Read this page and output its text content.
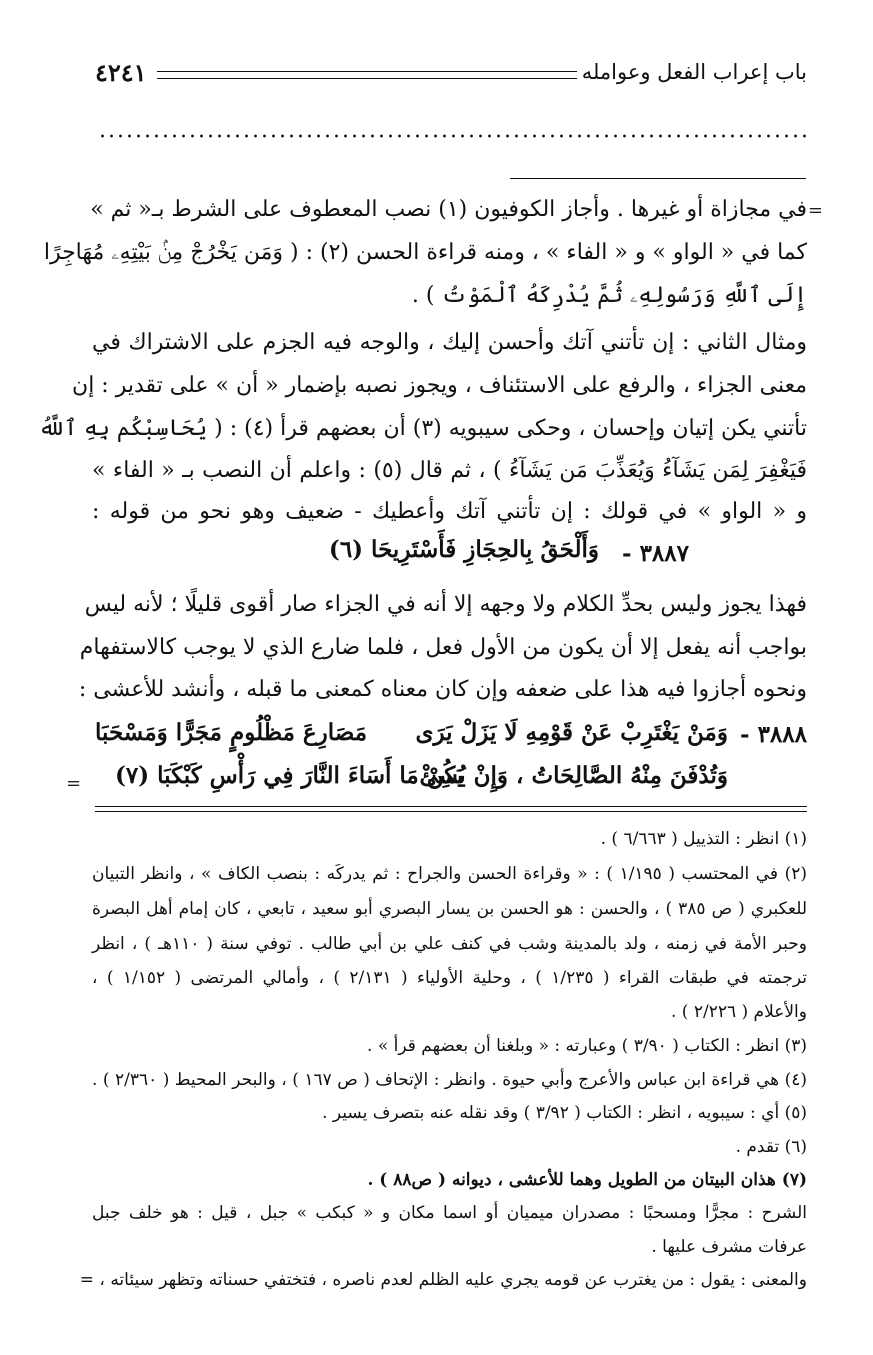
باب إعراب الفعل وعوامله
٤٢٤١
=
=
في مجازاة أو غيرها . وأجاز الكوفيون (١) نصب المعطوف على الشرط بـ« ثم »
كما في « الواو » و « الفاء » ، ومنه قراءة الحسن (٢) : ( وَمَن يَخْرُجْ مِنۢ بَيْتِهِۦ مُهَاجِرًا
إِلَى ٱللَّهِ وَرَسُولِهِۦ ثُمَّ يُدْرِكَهُ ٱلْمَوْتُ ) .
ومثال الثاني : إن تأتني آتك وأحسن إليك ، والوجه فيه الجزم على الاشتراك في
معنى الجزاء ، والرفع على الاستئناف ، ويجوز نصبه بإضمار « أن » على تقدير : إن
تأتني يكن إتيان وإحسان ، وحكى سيبويه (٣) أن بعضهم قرأ (٤) : ( يُحَاسِبْكُم بِهِ ٱللَّهُ
فَيَغْفِرَ لِمَن يَشَآءُ وَيُعَذِّبَ مَن يَشَآءُ ) ، ثم قال (٥) : واعلم أن النصب بـ « الفاء »
و « الواو » في قولك : إن تأتني آتك وأعطيك - ضعيف وهو نحو من قوله :
٣٨٨٧ -
وَأَلْحَقُ بِالحِجَازِ فَأَسْتَرِيحَا (٦)
فهذا يجوز وليس بحدِّ الكلام ولا وجهه إلا أنه في الجزاء صار أقوى قليلًا ؛ لأنه ليس
بواجب أنه يفعل إلا أن يكون من الأول فعل ، فلما ضارع الذي لا يوجب كالاستفهام
ونحوه أجازوا فيه هذا على ضعفه وإن كان معناه كمعنى ما قبله ، وأنشد للأعشى :
٣٨٨٨ -
وَمَنْ يَغْتَرِبْ عَنْ قَوْمِهِ لَا يَزَلْ يَرَى
مَصَارِعَ مَظْلُومٍ مَجَرًّا وَمَسْحَبَا
وَتُدْفَنَ مِنْهُ الصَّالِحَاتُ ، وَإِنْ يُسِئْ
يَكُنْ مَا أَسَاءَ النَّارَ فِي رَأْسِ كَبْكَبَا (٧)
(١) انظر : التذييل ( ٦/٦٦٣ ) .
(٢) في المحتسب ( ١/١٩٥ ) : « وقراءة الحسن والجراح : ثم يدركَه : بنصب الكاف » ، وانظر التبيان
للعكبري ( ص ٣٨٥ ) ، والحسن : هو الحسن بن يسار البصري أبو سعيد ، تابعي ، كان إمام أهل البصرة
وحبر الأمة في زمنه ، ولد بالمدينة وشب في كنف علي بن أبي طالب . توفي سنة ( ١١٠هـ ) ، انظر
ترجمته في طبقات القراء ( ١/٢٣٥ ) ، وحلية الأولياء ( ٢/١٣١ ) ، وأمالي المرتضى ( ١/١٥٢ ) ،
والأعلام ( ٢/٢٢٦ ) .
(٣) انظر : الكتاب ( ٣/٩٠ ) وعبارته : « وبلغنا أن بعضهم قرأ » .
(٤) هي قراءة ابن عباس والأعرج وأبي حيوة . وانظر : الإتحاف ( ص ١٦٧ ) ، والبحر المحيط ( ٢/٣٦٠ ) .
(٥) أي : سيبويه ، انظر : الكتاب ( ٣/٩٢ ) وقد نقله عنه بتصرف يسير .
(٦) تقدم .
(٧) هذان البيتان من الطويل وهما للأعشى ، ديوانه ( ص٨٨ ) .
الشرح : مجرًّا ومسحبًا : مصدران ميميان أو اسما مكان و « كبكب » جبل ، قيل : هو خلف جبل
عرفات مشرف عليها .
والمعنى : يقول : من يغترب عن قومه يجري عليه الظلم لعدم ناصره ، فتختفي حسناته وتظهر سيئاته ، =
